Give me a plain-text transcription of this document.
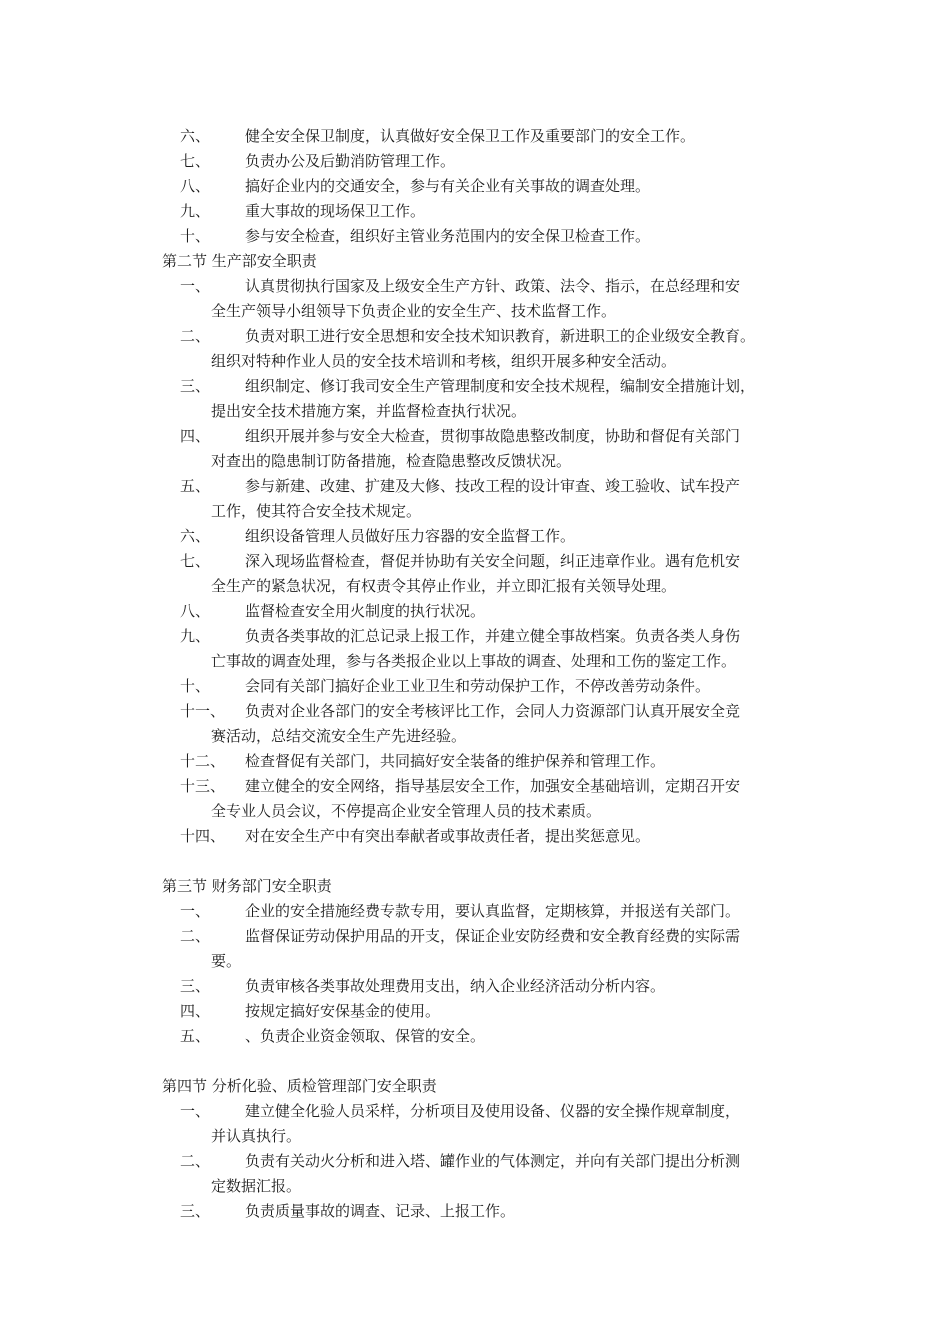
六、 健全安全保卫制度，认真做好安全保卫工作及重要部门的安全工作。
七、 负责办公及后勤消防管理工作。
八、 搞好企业内的交通安全，参与有关企业有关事故的调查处理。
九、 重大事故的现场保卫工作。
十、 参与安全检查，组织好主管业务范围内的安全保卫检查工作。
第二节 生产部安全职责
一、 认真贯彻执行国家及上级安全生产方针、政策、法令、指示，在总经理和安
全生产领导小组领导下负责企业的安全生产、技术监督工作。
二、 负责对职工进行安全思想和安全技术知识教育，新进职工的企业级安全教育。
组织对特种作业人员的安全技术培训和考核，组织开展多种安全活动。
三、 组织制定、修订我司安全生产管理制度和安全技术规程，编制安全措施计划，
提出安全技术措施方案，并监督检查执行状况。
四、 组织开展并参与安全大检查，贯彻事故隐患整改制度，协助和督促有关部门
对查出的隐患制订防备措施，检查隐患整改反馈状况。
五、 参与新建、改建、扩建及大修、技改工程的设计审查、竣工验收、试车投产
工作，使其符合安全技术规定。
六、 组织设备管理人员做好压力容器的安全监督工作。
七、 深入现场监督检查，督促并协助有关安全问题，纠正违章作业。遇有危机安
全生产的紧急状况，有权责令其停止作业，并立即汇报有关领导处理。
八、 监督检查安全用火制度的执行状况。
九、 负责各类事故的汇总记录上报工作，并建立健全事故档案。负责各类人身伤
亡事故的调查处理，参与各类报企业以上事故的调查、处理和工伤的鉴定工作。
十、 会同有关部门搞好企业工业卫生和劳动保护工作，不停改善劳动条件。
十一、 负责对企业各部门的安全考核评比工作，会同人力资源部门认真开展安全竞
赛活动，总结交流安全生产先进经验。
十二、 检查督促有关部门，共同搞好安全装备的维护保养和管理工作。
十三、 建立健全的安全网络，指导基层安全工作，加强安全基础培训，定期召开安
全专业人员会议，不停提高企业安全管理人员的技术素质。
十四、 对在安全生产中有突出奉献者或事故责任者，提出奖惩意见。
第三节 财务部门安全职责
一、 企业的安全措施经费专款专用，要认真监督，定期核算，并报送有关部门。
二、 监督保证劳动保护用品的开支，保证企业安防经费和安全教育经费的实际需
要。
三、 负责审核各类事故处理费用支出，纳入企业经济活动分析内容。
四、 按规定搞好安保基金的使用。
五、 、负责企业资金领取、保管的安全。
第四节 分析化验、质检管理部门安全职责
一、 建立健全化验人员采样，分析项目及使用设备、仪器的安全操作规章制度，
并认真执行。
二、 负责有关动火分析和进入塔、罐作业的气体测定，并向有关部门提出分析测
定数据汇报。
三、 负责质量事故的调查、记录、上报工作。
